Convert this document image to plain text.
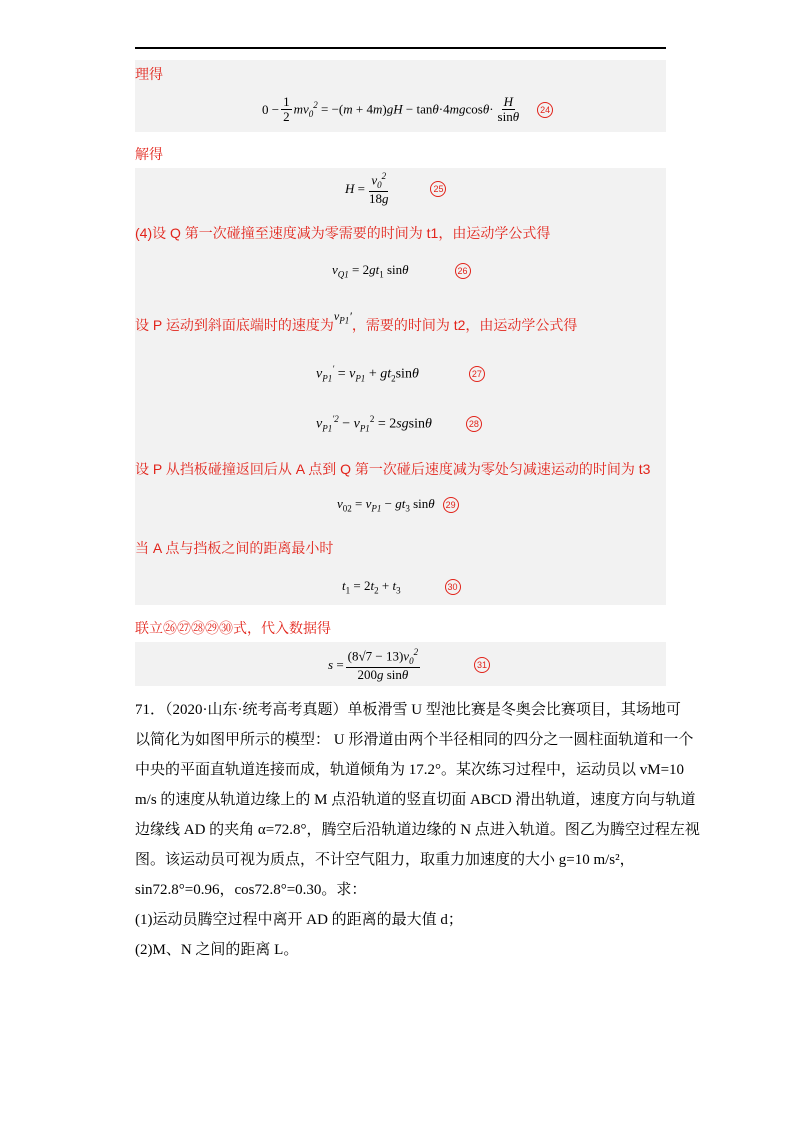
理得
$0 - \frac{1}{2} mv_0^2 = -(m + 4m)gH - \tan\theta\cdot 4mgcos\theta\cdot \frac{H}{\sin\theta}$	24
解得
$H = \frac{v_0^2}{18g}$	25
(4)设 Q 第一次碰撞至速度减为零需要的时间为 t1，由运动学公式得
$v_{Q1} = 2gt_1$ sinθ	26
设 P 运动到斜面底端时的速度为$v_{P1}'$，需要的时间为 t2，由运动学公式得
$v_{P1}' = v_{P1} + gt_2\sin\theta$	27
$v_{P1}^{'2} - v_{P1}^2 = 2sgsin\theta$	28
设 P 从挡板碰撞返回后从 A 点到 Q 第一次碰后速度减为零处匀减速运动的时间为 t3
$v_{02} = v_{P1} - gt_3$ sinθ	29
当 A 点与挡板之间的距离最小时
$t_1 = 2t_2 + t_3$	30
联立㉖㉗㉘㉙㉚式，代入数据得
$s = \frac{(8√7 - 13)v_0^2}{\text{200g sinθ}}$	31

71．（2020·山东·统考高考真题）单板滑雪 U 型池比赛是冬奥会比赛项目，其场地可

以简化为如图甲所示的模型： U 形滑道由两个半径相同的四分之一圆柱面轨道和一个

中央的平面直轨道连接而成，轨道倾角为 17.2°。某次练习过程中，运动员以 vM=10

m/s 的速度从轨道边缘上的 M 点沿轨道的竖直切面 ABCD 滑出轨道，速度方向与轨道

边缘线 AD 的夹角 α=72.8°，腾空后沿轨道边缘的 N 点进入轨道。图乙为腾空过程左视

图。该运动员可视为质点，不计空气阻力，取重力加速度的大小 g=10 m/s²，

sin72.8°=0.96，cos72.8°=0.30。求：

(1)运动员腾空过程中离开 AD 的距离的最大值 d；

(2)M、N 之间的距离 L。
